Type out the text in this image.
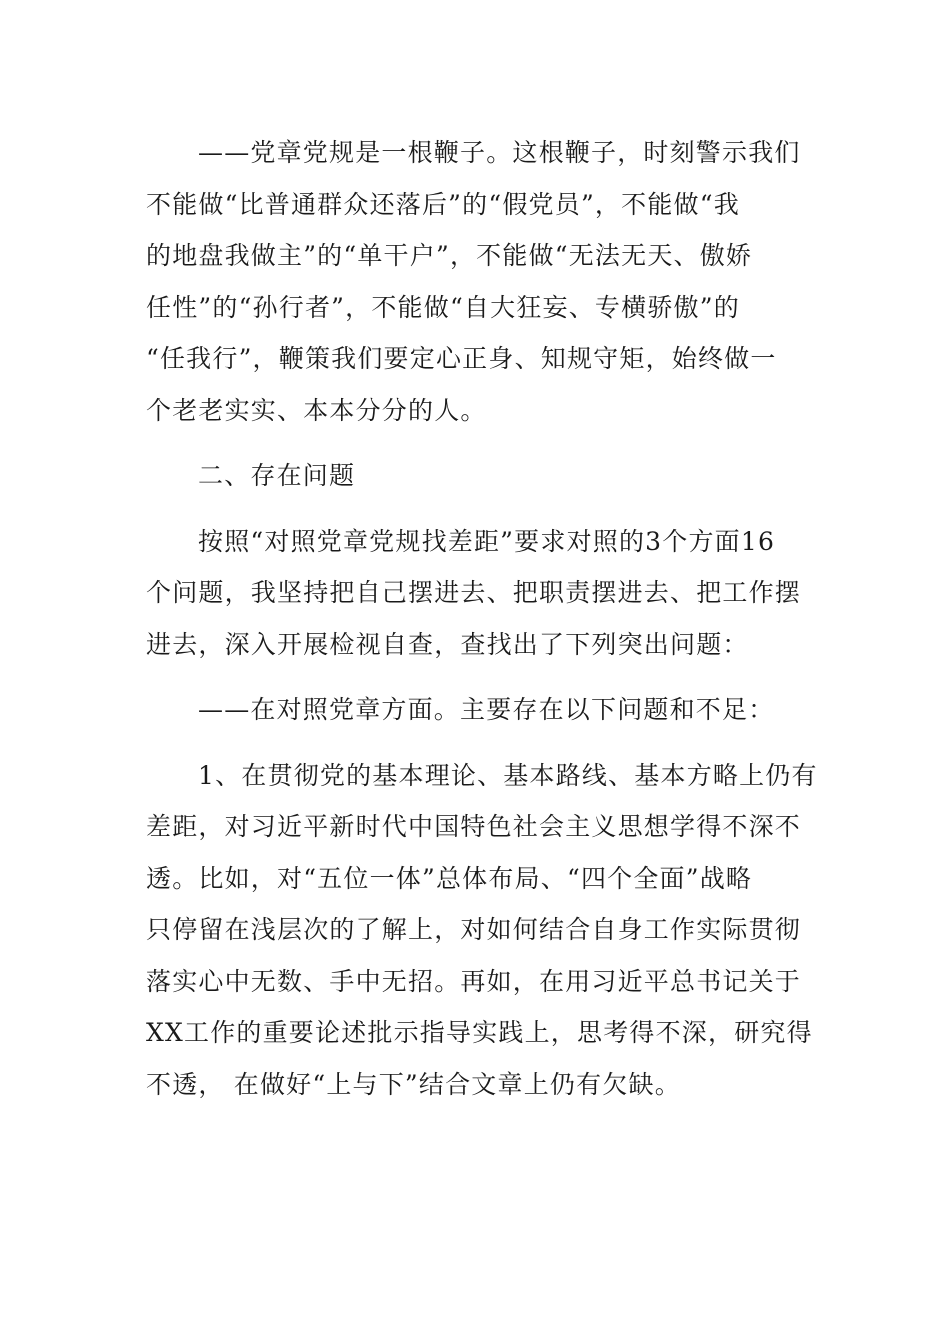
——党章党规是一根鞭子。这根鞭子，时刻警示我们
不能做“比普通群众还落后”的“假党员”，不能做“我
的地盘我做主”的“单干户”，不能做“无法无天、傲娇
任性”的“孙行者”，不能做“自大狂妄、专横骄傲”的
“任我行”，鞭策我们要定心正身、知规守矩，始终做一
个老老实实、本本分分的人。

二、存在问题

按照“对照党章党规找差距”要求对照的3个方面16
个问题，我坚持把自己摆进去、把职责摆进去、把工作摆
进去，深入开展检视自查，查找出了下列突出问题：

——在对照党章方面。主要存在以下问题和不足：

1、在贯彻党的基本理论、基本路线、基本方略上仍有
差距，对习近平新时代中国特色社会主义思想学得不深不
透。比如，对“五位一体”总体布局、“四个全面”战略
只停留在浅层次的了解上，对如何结合自身工作实际贯彻
落实心中无数、手中无招。再如，在用习近平总书记关于
XX工作的重要论述批示指导实践上，思考得不深，研究得
不透， 在做好“上与下”结合文章上仍有欠缺。
